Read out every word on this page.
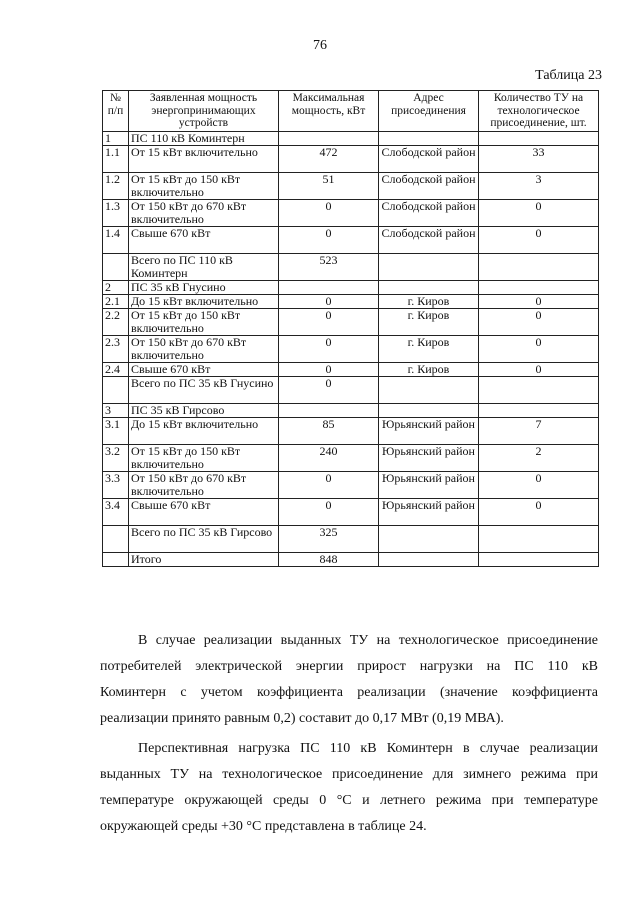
76
Таблица 23
№ п/п	Заявленная мощность энергопринимающих устройств	Максимальная мощность, кВт	Адрес присоединения	Количество ТУ на технологическое присоединение, шт.
1	ПС 110 кВ Коминтерн			
1.1	От 15 кВт включительно	472	Слободской район	33
1.2	От 15 кВт до 150 кВт включительно	51	Слободской район	3
1.3	От 150 кВт до 670 кВт включительно	0	Слободской район	0
1.4	Свыше 670 кВт	0	Слободской район	0
	Всего по ПС 110 кВ Коминтерн	523		
2	ПС 35 кВ Гнусино			
2.1	До 15 кВт включительно	0	г. Киров	0
2.2	От 15 кВт до 150 кВт включительно	0	г. Киров	0
2.3	От 150 кВт до 670 кВт включительно	0	г. Киров	0
2.4	Свыше 670 кВт	0	г. Киров	0
	Всего по ПС 35 кВ Гнусино	0		
3	ПС 35 кВ Гирсово			
3.1	До 15 кВт включительно	85	Юрьянский район	7
3.2	От 15 кВт до 150 кВт включительно	240	Юрьянский район	2
3.3	От 150 кВт до 670 кВт включительно	0	Юрьянский район	0
3.4	Свыше 670 кВт	0	Юрьянский район	0
	Всего по ПС 35 кВ Гирсово	325		
	Итого	848		
В случае реализации выданных ТУ на технологическое присоединение
потребителей электрической энергии прирост нагрузки на ПС 110 кВ
Коминтерн с учетом коэффициента реализации (значение коэффициента
реализации принято равным 0,2) составит до 0,17 МВт (0,19 МВА).
Перспективная нагрузка ПС 110 кВ Коминтерн в случае реализации
выданных ТУ на технологическое присоединение для зимнего режима при
температуре окружающей среды 0 °С и летнего режима при температуре
окружающей среды +30 °С представлена в таблице 24.
